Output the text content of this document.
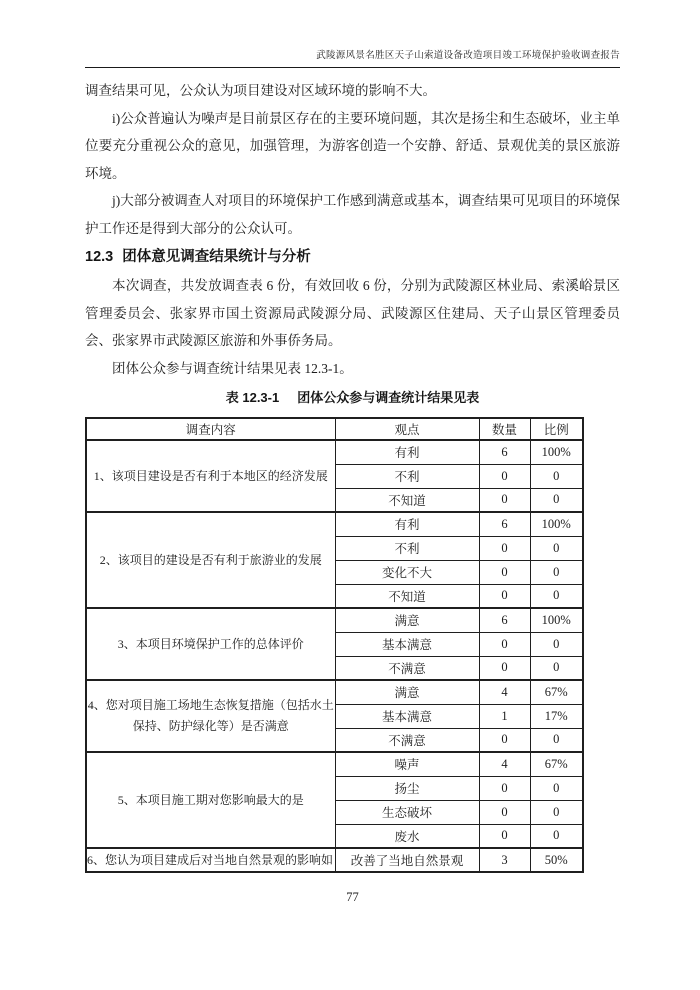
武陵源风景名胜区天子山索道设备改造项目竣工环境保护验收调查报告

调查结果可见，公众认为项目建设对区域环境的影响不大。

i)公众普遍认为噪声是目前景区存在的主要环境问题，其次是扬尘和生态破坏，业主单位要充分重视公众的意见，加强管理，为游客创造一个安静、舒适、景观优美的景区旅游环境。

j)大部分被调查人对项目的环境保护工作感到满意或基本，调查结果可见项目的环境保护工作还是得到大部分的公众认可。

12.3 团体意见调查结果统计与分析

本次调查，共发放调查表 6 份，有效回收 6 份，分别为武陵源区林业局、索溪峪景区管理委员会、张家界市国土资源局武陵源分局、武陵源区住建局、天子山景区管理委员会、张家界市武陵源区旅游和外事侨务局。

团体公众参与调查统计结果见表 12.3-1。

表 12.3-1 团体公众参与调查统计结果见表
调查内容	观点	数量	比例
1、该项目建设是否有利于本地区的经济发展	有利	6	100%
	不利	0	0
	不知道	0	0
2、该项目的建设是否有利于旅游业的发展	有利	6	100%
	不利	0	0
	变化不大	0	0
	不知道	0	0
3、本项目环境保护工作的总体评价	满意	6	100%
	基本满意	0	0
	不满意	0	0
4、您对项目施工场地生态恢复措施（包括水土保持、防护绿化等）是否满意	满意	4	67%
	基本满意	1	17%
	不满意	0	0
5、本项目施工期对您影响最大的是	噪声	4	67%
	扬尘	0	0
	生态破坏	0	0
	废水	0	0
6、您认为项目建成后对当地自然景观的影响如	改善了当地自然景观	3	50%
77
